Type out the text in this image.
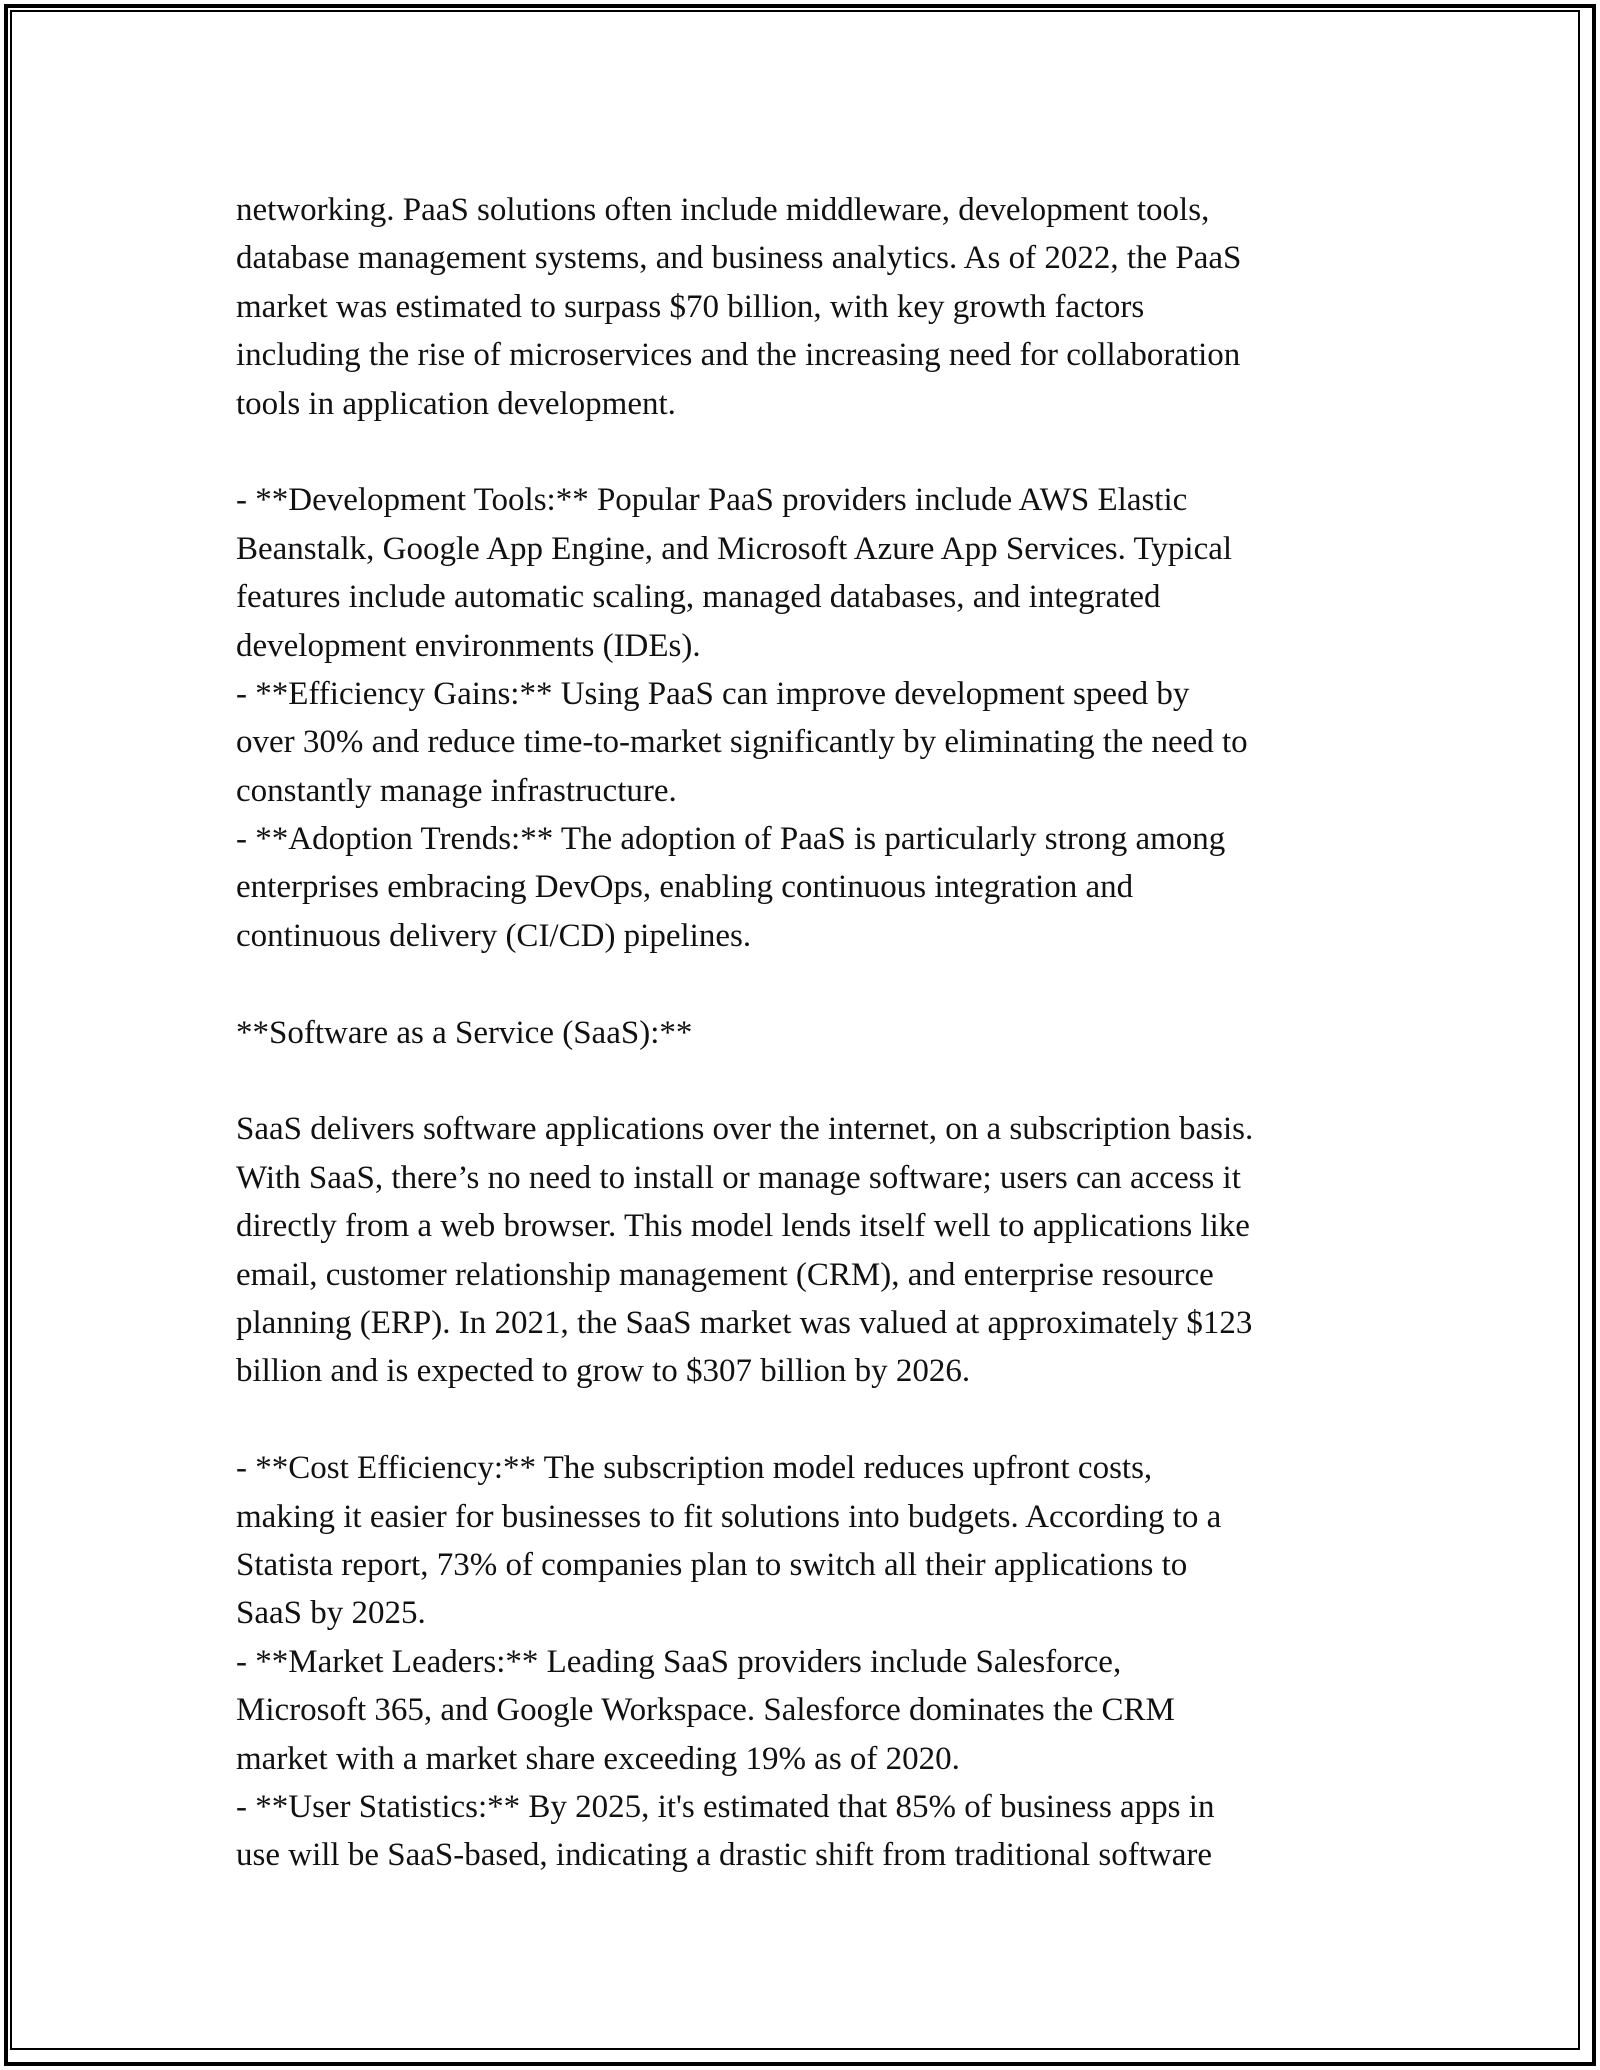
networking. PaaS solutions often include middleware, development tools,
database management systems, and business analytics. As of 2022, the PaaS
market was estimated to surpass $70 billion, with key growth factors
including the rise of microservices and the increasing need for collaboration
tools in application development.
- **Development Tools:** Popular PaaS providers include AWS Elastic
Beanstalk, Google App Engine, and Microsoft Azure App Services. Typical
features include automatic scaling, managed databases, and integrated
development environments (IDEs).
- **Efficiency Gains:** Using PaaS can improve development speed by
over 30% and reduce time-to-market significantly by eliminating the need to
constantly manage infrastructure.
- **Adoption Trends:** The adoption of PaaS is particularly strong among
enterprises embracing DevOps, enabling continuous integration and
continuous delivery (CI/CD) pipelines.
**Software as a Service (SaaS):**
SaaS delivers software applications over the internet, on a subscription basis.
With SaaS, there’s no need to install or manage software; users can access it
directly from a web browser. This model lends itself well to applications like
email, customer relationship management (CRM), and enterprise resource
planning (ERP). In 2021, the SaaS market was valued at approximately $123
billion and is expected to grow to $307 billion by 2026.
- **Cost Efficiency:** The subscription model reduces upfront costs,
making it easier for businesses to fit solutions into budgets. According to a
Statista report, 73% of companies plan to switch all their applications to
SaaS by 2025.
- **Market Leaders:** Leading SaaS providers include Salesforce,
Microsoft 365, and Google Workspace. Salesforce dominates the CRM
market with a market share exceeding 19% as of 2020.
- **User Statistics:** By 2025, it's estimated that 85% of business apps in
use will be SaaS-based, indicating a drastic shift from traditional software
